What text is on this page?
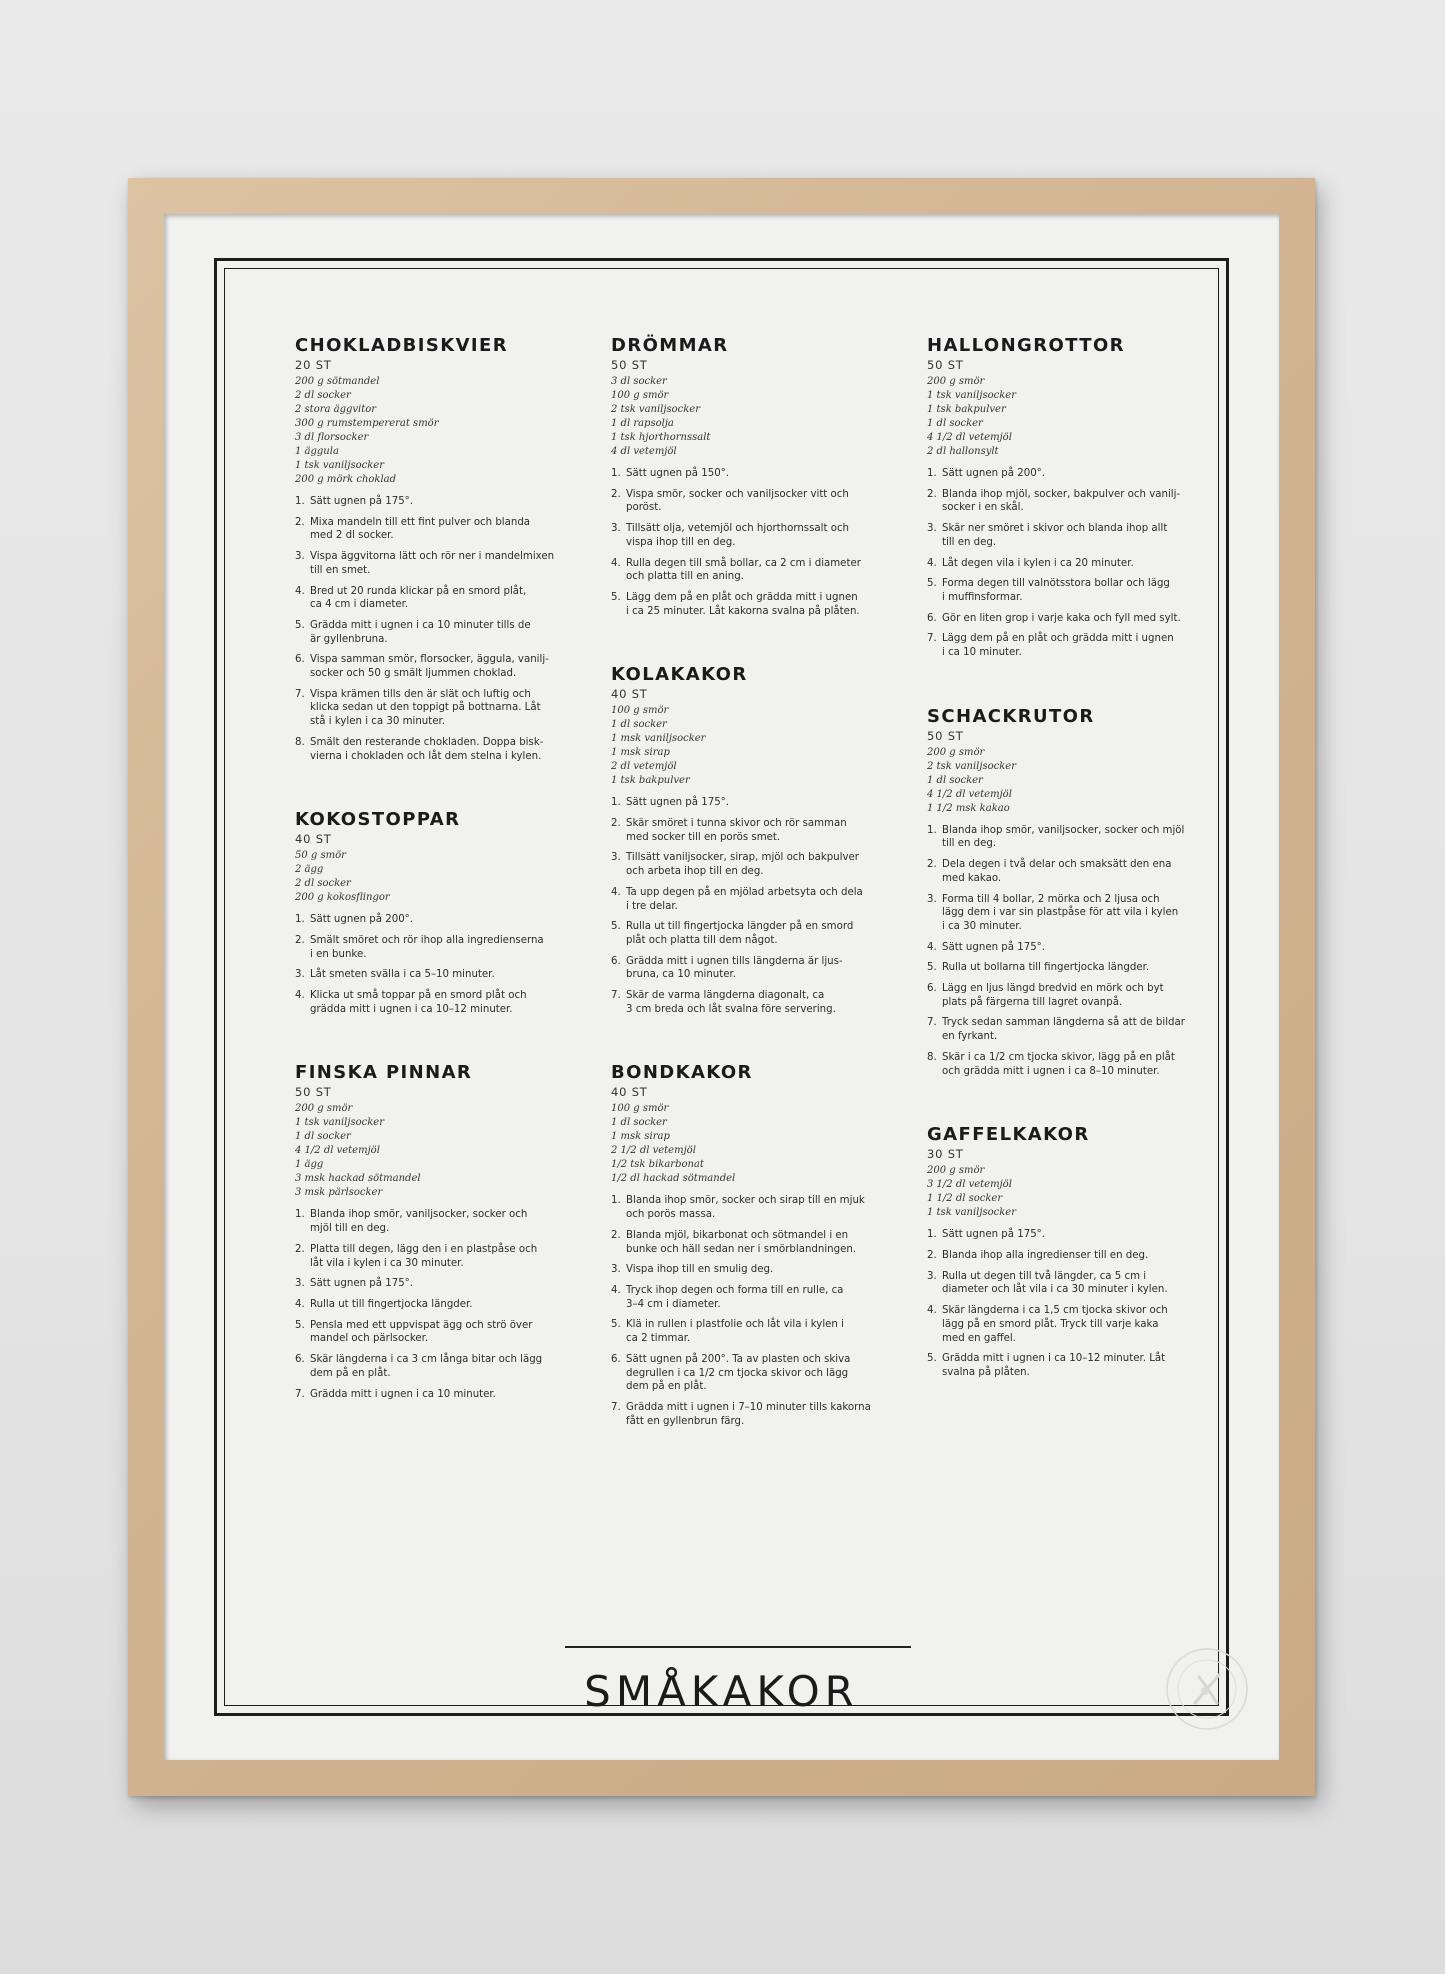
CHOKLADBISKVIER
20 ST
200 g sötmandel
2 dl socker
2 stora äggvitor
300 g rumstempererat smör
3 dl florsocker
1 äggula
1 tsk vaniljsocker
200 g mörk choklad
1. Sätt ugnen på 175°.
2. Mixa mandeln till ett fint pulver och blanda
med 2 dl socker.
3. Vispa äggvitorna lätt och rör ner i mandelmixen
till en smet.
4. Bred ut 20 runda klickar på en smord plåt,
ca 4 cm i diameter.
5. Grädda mitt i ugnen i ca 10 minuter tills de
är gyllenbruna.
6. Vispa samman smör, florsocker, äggula, vanilj-
socker och 50 g smält ljummen choklad.
7. Vispa krämen tills den är slät och luftig och
klicka sedan ut den toppigt på bottnarna. Låt
stå i kylen i ca 30 minuter.
8. Smält den resterande chokladen. Doppa bisk-
vierna i chokladen och låt dem stelna i kylen.
KOKOSTOPPAR
40 ST
50 g smör
2 ägg
2 dl socker
200 g kokosflingor
1. Sätt ugnen på 200°.
2. Smält smöret och rör ihop alla ingredienserna
i en bunke.
3. Låt smeten svälla i ca 5–10 minuter.
4. Klicka ut små toppar på en smord plåt och
grädda mitt i ugnen i ca 10–12 minuter.
FINSKA PINNAR
50 ST
200 g smör
1 tsk vaniljsocker
1 dl socker
4 1/2 dl vetemjöl
1 ägg
3 msk hackad sötmandel
3 msk pärlsocker
1. Blanda ihop smör, vaniljsocker, socker och
mjöl till en deg.
2. Platta till degen, lägg den i en plastpåse och
låt vila i kylen i ca 30 minuter.
3. Sätt ugnen på 175°.
4. Rulla ut till fingertjocka längder.
5. Pensla med ett uppvispat ägg och strö över
mandel och pärlsocker.
6. Skär längderna i ca 3 cm långa bitar och lägg
dem på en plåt.
7. Grädda mitt i ugnen i ca 10 minuter.
DRÖMMAR
50 ST
3 dl socker
100 g smör
2 tsk vaniljsocker
1 dl rapsolja
1 tsk hjorthornssalt
4 dl vetemjöl
1. Sätt ugnen på 150°.
2. Vispa smör, socker och vaniljsocker vitt och
poröst.
3. Tillsätt olja, vetemjöl och hjorthornssalt och
vispa ihop till en deg.
4. Rulla degen till små bollar, ca 2 cm i diameter
och platta till en aning.
5. Lägg dem på en plåt och grädda mitt i ugnen
i ca 25 minuter. Låt kakorna svalna på plåten.
KOLAKAKOR
40 ST
100 g smör
1 dl socker
1 msk vaniljsocker
1 msk sirap
2 dl vetemjöl
1 tsk bakpulver
1. Sätt ugnen på 175°.
2. Skär smöret i tunna skivor och rör samman
med socker till en porös smet.
3. Tillsätt vaniljsocker, sirap, mjöl och bakpulver
och arbeta ihop till en deg.
4. Ta upp degen på en mjölad arbetsyta och dela
i tre delar.
5. Rulla ut till fingertjocka längder på en smord
plåt och platta till dem något.
6. Grädda mitt i ugnen tills längderna är ljus-
bruna, ca 10 minuter.
7. Skär de varma längderna diagonalt, ca
3 cm breda och låt svalna före servering.
BONDKAKOR
40 ST
100 g smör
1 dl socker
1 msk sirap
2 1/2 dl vetemjöl
1/2 tsk bikarbonat
1/2 dl hackad sötmandel
1. Blanda ihop smör, socker och sirap till en mjuk
och porös massa.
2. Blanda mjöl, bikarbonat och sötmandel i en
bunke och häll sedan ner i smörblandningen.
3. Vispa ihop till en smulig deg.
4. Tryck ihop degen och forma till en rulle, ca
3–4 cm i diameter.
5. Klä in rullen i plastfolie och låt vila i kylen i
ca 2 timmar.
6. Sätt ugnen på 200°. Ta av plasten och skiva
degrullen i ca 1/2 cm tjocka skivor och lägg
dem på en plåt.
7. Grädda mitt i ugnen i 7–10 minuter tills kakorna
fått en gyllenbrun färg.
HALLONGROTTOR
50 ST
200 g smör
1 tsk vaniljsocker
1 tsk bakpulver
1 dl socker
4 1/2 dl vetemjöl
2 dl hallonsylt
1. Sätt ugnen på 200°.
2. Blanda ihop mjöl, socker, bakpulver och vanilj-
socker i en skål.
3. Skär ner smöret i skivor och blanda ihop allt
till en deg.
4. Låt degen vila i kylen i ca 20 minuter.
5. Forma degen till valnötsstora bollar och lägg
i muffinsformar.
6. Gör en liten grop i varje kaka och fyll med sylt.
7. Lägg dem på en plåt och grädda mitt i ugnen
i ca 10 minuter.
SCHACKRUTOR
50 ST
200 g smör
2 tsk vaniljsocker
1 dl socker
4 1/2 dl vetemjöl
1 1/2 msk kakao
1. Blanda ihop smör, vaniljsocker, socker och mjöl
till en deg.
2. Dela degen i två delar och smaksätt den ena
med kakao.
3. Forma till 4 bollar, 2 mörka och 2 ljusa och
lägg dem i var sin plastpåse för att vila i kylen
i ca 30 minuter.
4. Sätt ugnen på 175°.
5. Rulla ut bollarna till fingertjocka längder.
6. Lägg en ljus längd bredvid en mörk och byt
plats på färgerna till lagret ovanpå.
7. Tryck sedan samman längderna så att de bildar
en fyrkant.
8. Skär i ca 1/2 cm tjocka skivor, lägg på en plåt
och grädda mitt i ugnen i ca 8–10 minuter.
GAFFELKAKOR
30 ST
200 g smör
3 1/2 dl vetemjöl
1 1/2 dl socker
1 tsk vaniljsocker
1. Sätt ugnen på 175°.
2. Blanda ihop alla ingredienser till en deg.
3. Rulla ut degen till två längder, ca 5 cm i
diameter och låt vila i ca 30 minuter i kylen.
4. Skär längderna i ca 1,5 cm tjocka skivor och
lägg på en smord plåt. Tryck till varje kaka
med en gaffel.
5. Grädda mitt i ugnen i ca 10–12 minuter. Låt
svalna på plåten.
SMÅKAKOR
